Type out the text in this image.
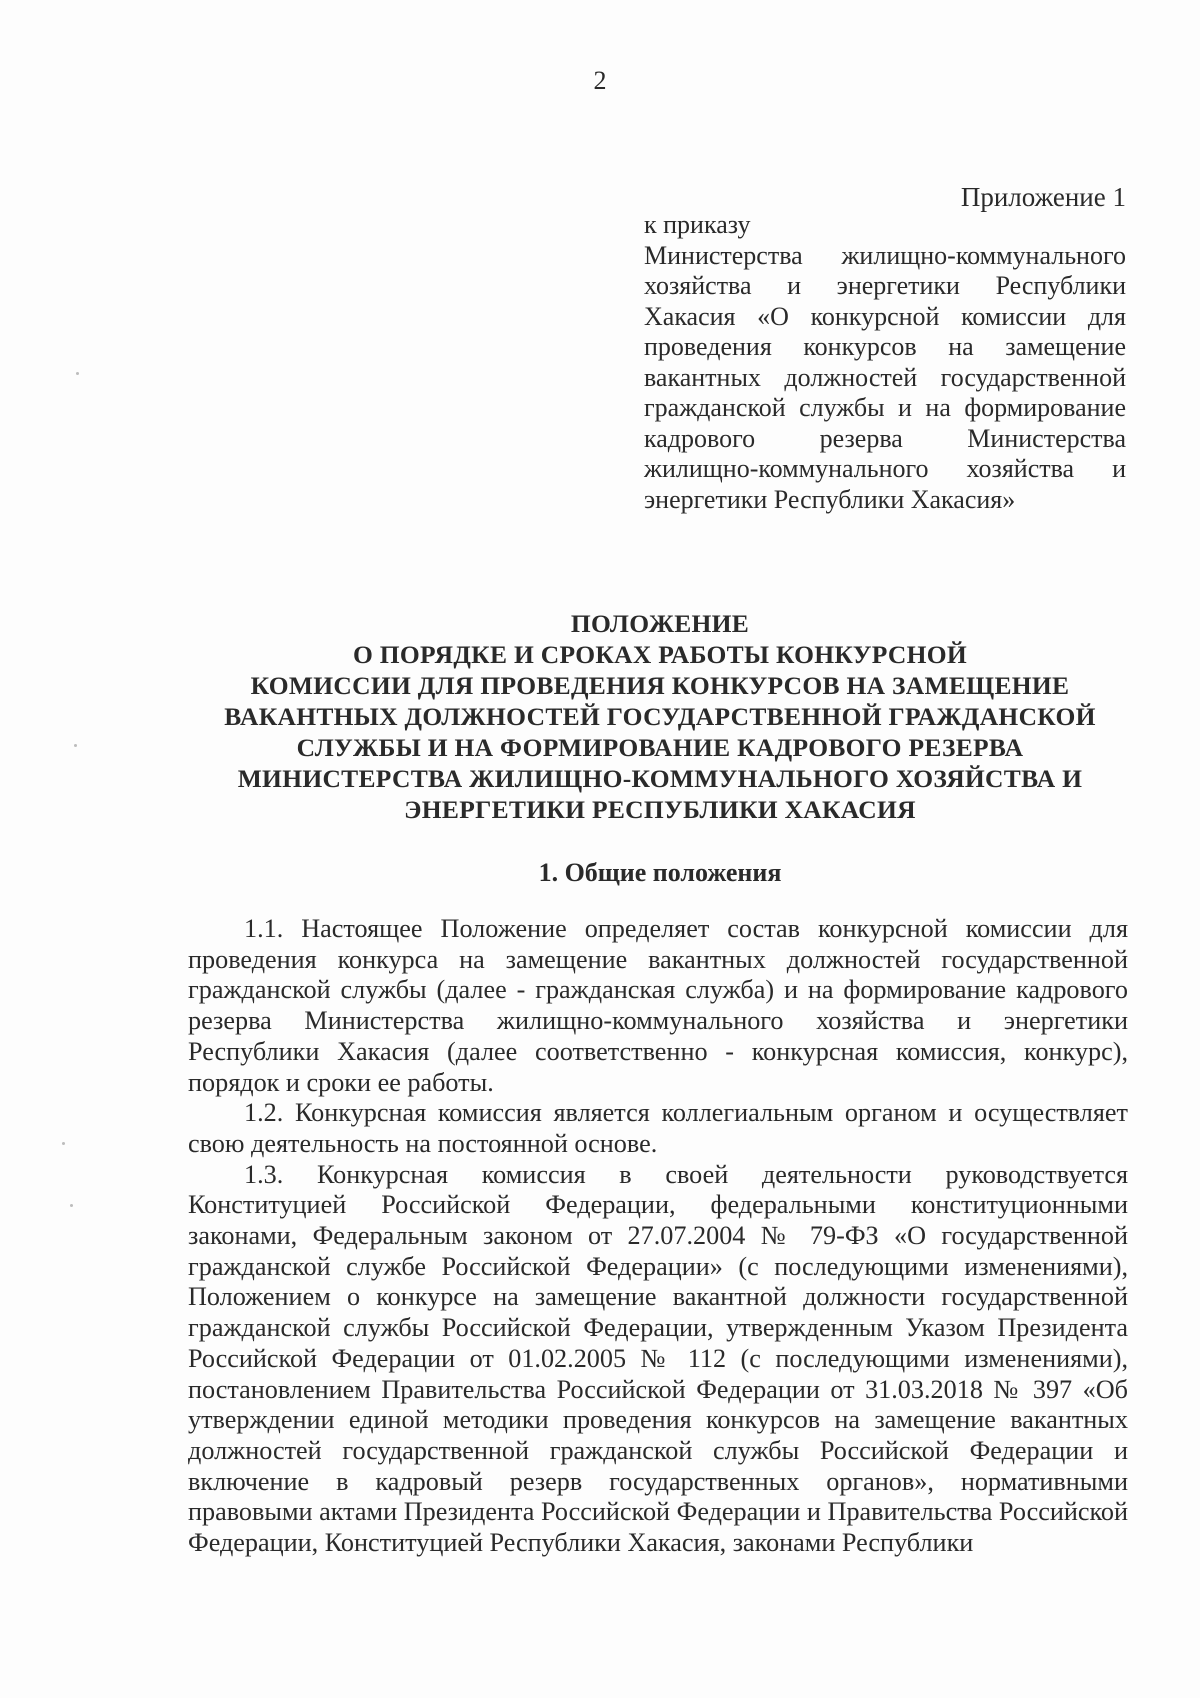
2
Приложение 1
к приказу
Министерства жилищно-коммунального хозяйства и энергетики Республики Хакасия «О конкурсной комиссии для проведения конкурсов на замещение вакантных должностей государственной гражданской службы и на формирование кадрового резерва Министерства жилищно-коммунального хозяйства и энергетики Республики Хакасия»
ПОЛОЖЕНИЕ
О ПОРЯДКЕ И СРОКАХ РАБОТЫ КОНКУРСНОЙ
КОМИССИИ ДЛЯ ПРОВЕДЕНИЯ КОНКУРСОВ НА ЗАМЕЩЕНИЕ
ВАКАНТНЫХ ДОЛЖНОСТЕЙ ГОСУДАРСТВЕННОЙ ГРАЖДАНСКОЙ
СЛУЖБЫ И НА ФОРМИРОВАНИЕ КАДРОВОГО РЕЗЕРВА
МИНИСТЕРСТВА ЖИЛИЩНО-КОММУНАЛЬНОГО ХОЗЯЙСТВА И
ЭНЕРГЕТИКИ РЕСПУБЛИКИ ХАКАСИЯ
1. Общие положения

1.1. Настоящее Положение определяет состав конкурсной комиссии для проведения конкурса на замещение вакантных должностей государственной гражданской службы (далее - гражданская служба) и на формирование кадрового резерва Министерства жилищно-коммунального хозяйства и энергетики Республики Хакасия (далее соответственно - конкурсная комиссия, конкурс), порядок и сроки ее работы.

1.2. Конкурсная комиссия является коллегиальным органом и осуществляет свою деятельность на постоянной основе.

1.3. Конкурсная комиссия в своей деятельности руководствуется Конституцией Российской Федерации, федеральными конституционными законами, Федеральным законом от 27.07.2004 № 79-ФЗ «О государственной гражданской службе Российской Федерации» (с последующими изменениями), Положением о конкурсе на замещение вакантной должности государственной гражданской службы Российской Федерации, утвержденным Указом Президента Российской Федерации от 01.02.2005 № 112 (с последующими изменениями), постановлением Правительства Российской Федерации от 31.03.2018 № 397 «Об утверждении единой методики проведения конкурсов на замещение вакантных должностей государственной гражданской службы Российской Федерации и включение в кадровый резерв государственных органов», нормативными правовыми актами Президента Российской Федерации и Правительства Российской Федерации, Конституцией Республики Хакасия, законами Республики
